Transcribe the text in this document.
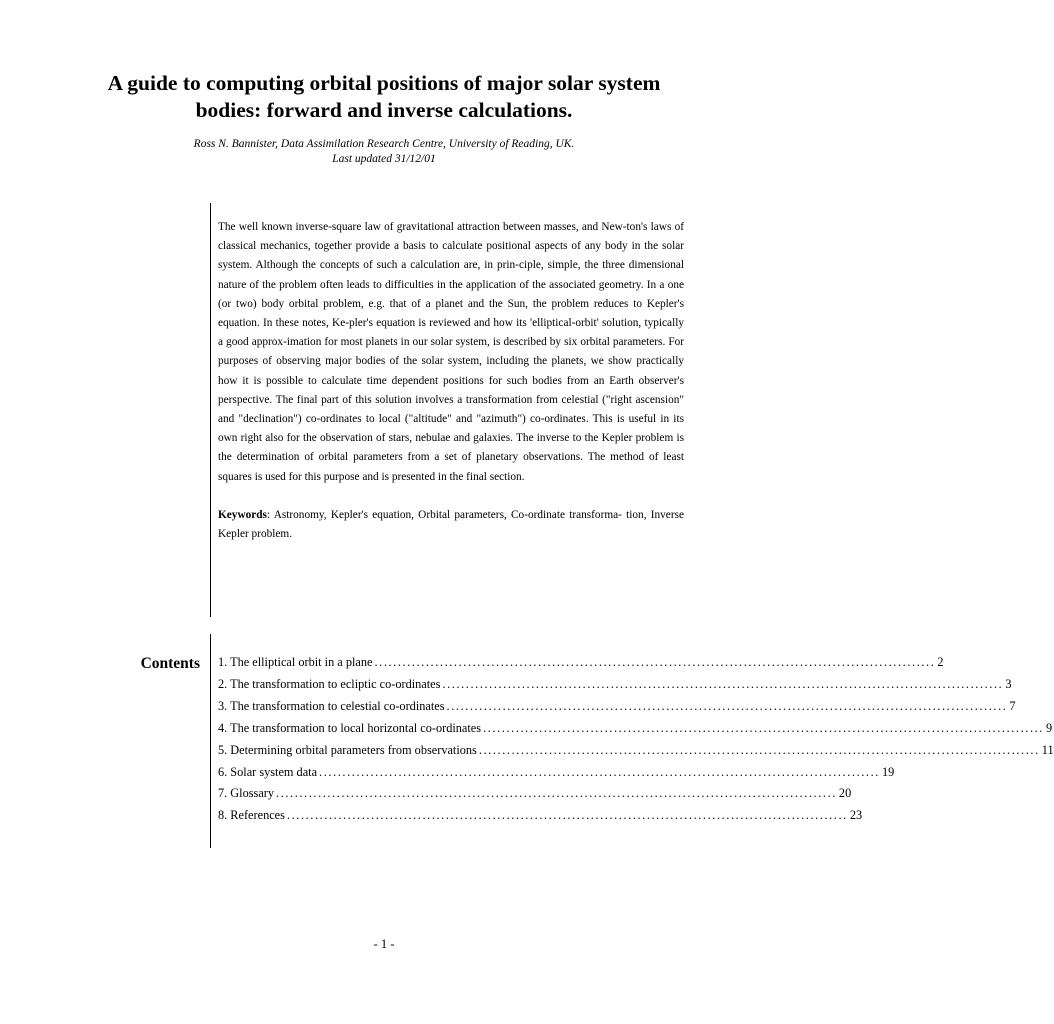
A guide to computing orbital positions of major solar system
bodies: forward and inverse calculations.
Ross N. Bannister, Data Assimilation Research Centre, University of Reading, UK.
Last updated 31/12/01

The well known inverse-square law of gravitational attraction between masses, and New-ton's laws of classical mechanics, together provide a basis to calculate positional aspects of any body in the solar system. Although the concepts of such a calculation are, in prin-ciple, simple, the three dimensional nature of the problem often leads to difficulties in the application of the associated geometry. In a one (or two) body orbital problem, e.g. that of a planet and the Sun, the problem reduces to Kepler's equation. In these notes, Ke-pler's equation is reviewed and how its 'elliptical-orbit' solution, typically a good approx-imation for most planets in our solar system, is described by six orbital parameters. For purposes of observing major bodies of the solar system, including the planets, we show practically how it is possible to calculate time dependent positions for such bodies from an Earth observer's perspective. The final part of this solution involves a transformation from celestial ("right ascension" and "declination") co-ordinates to local ("altitude" and "azimuth") co-ordinates. This is useful in its own right also for the observation of stars, nebulae and galaxies. The inverse to the Kepler problem is the determination of orbital parameters from a set of planetary observations. The method of least squares is used for this purpose and is presented in the final section.

Keywords: Astronomy, Kepler's equation, Orbital parameters, Co-ordinate transforma- tion, Inverse Kepler problem.

Contents 1. The elliptical orbit in a plane ........................................................................................................................ 2
2. The transformation to ecliptic co-ordinates ........................................................................................................................ 3
3. The transformation to celestial co-ordinates ........................................................................................................................ 7
4. The transformation to local horizontal co-ordinates ........................................................................................................................ 9
5. Determining orbital parameters from observations ........................................................................................................................ 11
6. Solar system data ........................................................................................................................ 19
7. Glossary ........................................................................................................................ 20
8. References ........................................................................................................................ 23
- 1 -
